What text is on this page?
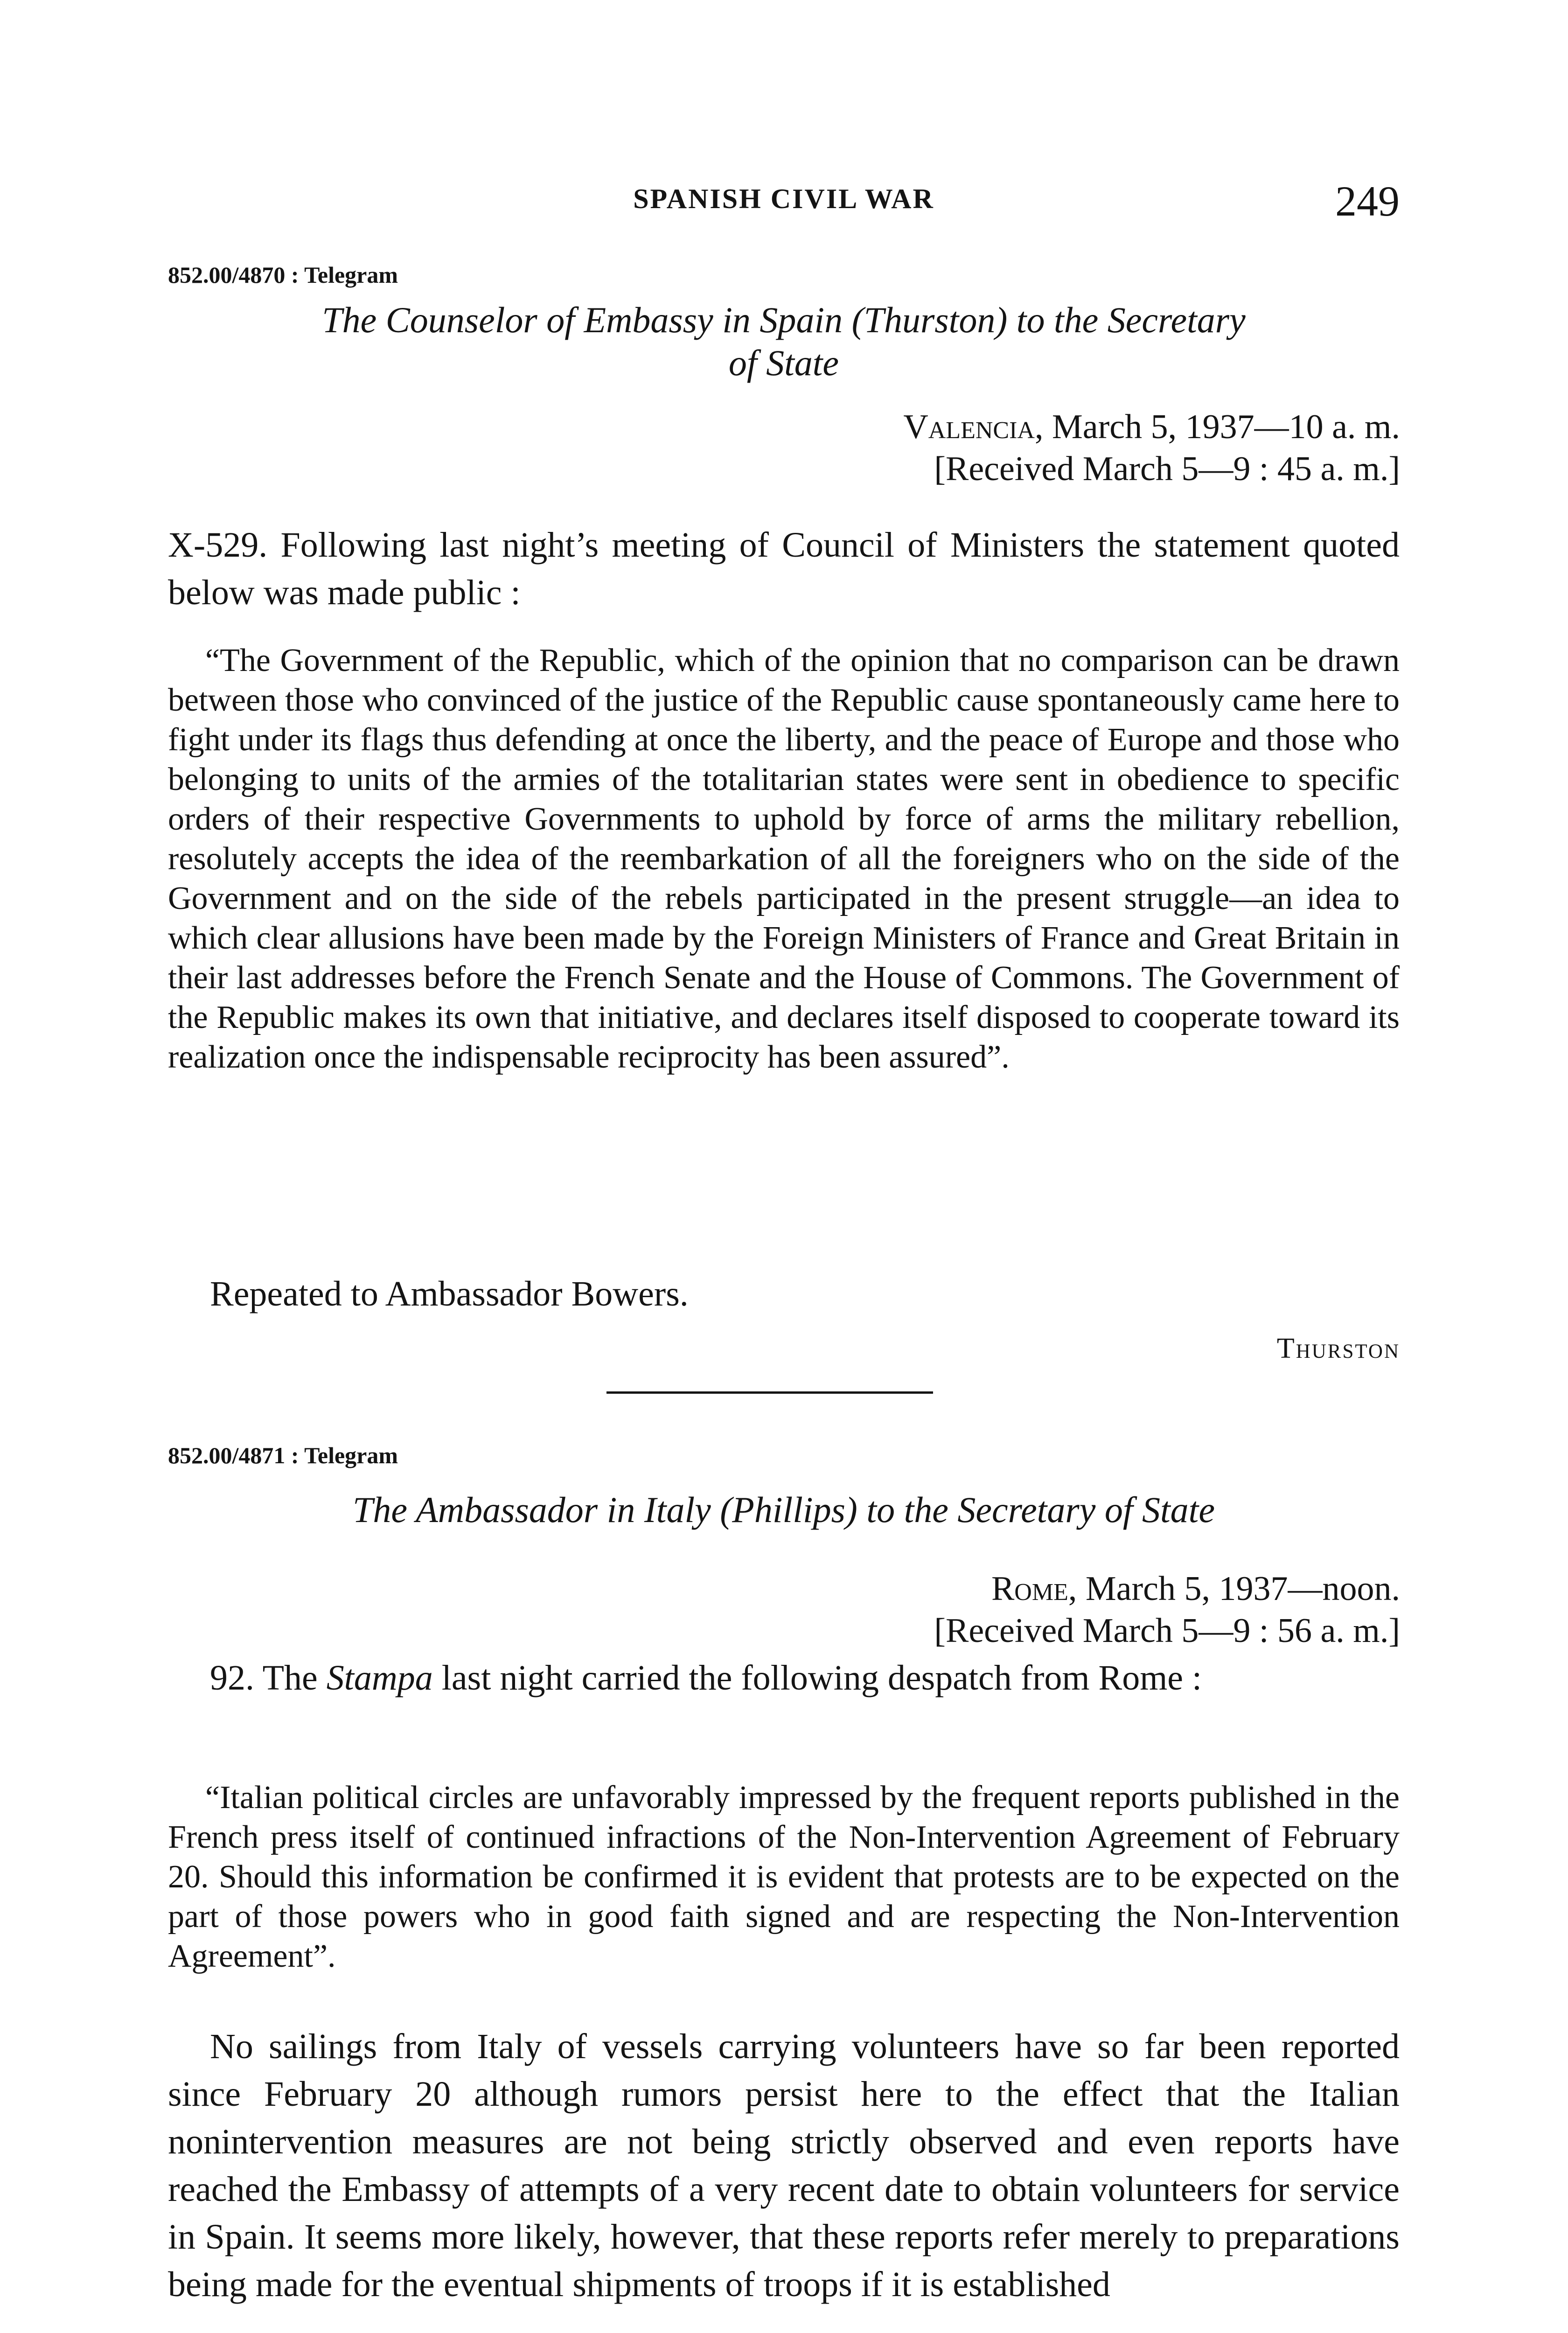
SPANISH CIVIL WAR	249
852.00/4870 : Telegram
The Counselor of Embassy in Spain (Thurston) to the Secretary
of State
Valencia, March 5, 1937—10 a. m.
[Received March 5—9 : 45 a. m.]

X-529. Following last night’s meeting of Council of Ministers the statement quoted below was made public :

“The Government of the Republic, which of the opinion that no comparison can be drawn between those who convinced of the justice of the Republic cause spontaneously came here to fight under its flags thus defending at once the liberty, and the peace of Europe and those who belonging to units of the armies of the totalitarian states were sent in obedience to specific orders of their respective Governments to uphold by force of arms the military rebellion, resolutely accepts the idea of the reembarkation of all the foreigners who on the side of the Government and on the side of the rebels participated in the present struggle—an idea to which clear allusions have been made by the Foreign Ministers of France and Great Britain in their last addresses before the French Senate and the House of Commons. The Government of the Republic makes its own that initiative, and declares itself disposed to cooperate toward its realization once the indispensable reciprocity has been assured”.

Repeated to Ambassador Bowers.
Thurston
852.00/4871 : Telegram
The Ambassador in Italy (Phillips) to the Secretary of State
Rome, March 5, 1937—noon.
[Received March 5—9 : 56 a. m.]

92. The Stampa last night carried the following despatch from Rome :

“Italian political circles are unfavorably impressed by the frequent reports published in the French press itself of continued infractions of the Non-Intervention Agreement of February 20. Should this information be confirmed it is evident that protests are to be expected on the part of those powers who in good faith signed and are respecting the Non-Intervention Agreement”.

No sailings from Italy of vessels carrying volunteers have so far been reported since February 20 although rumors persist here to the effect that the Italian nonintervention measures are not being strictly observed and even reports have reached the Embassy of attempts of a very recent date to obtain volunteers for service in Spain. It seems more likely, however, that these reports refer merely to preparations being made for the eventual shipments of troops if it is established
